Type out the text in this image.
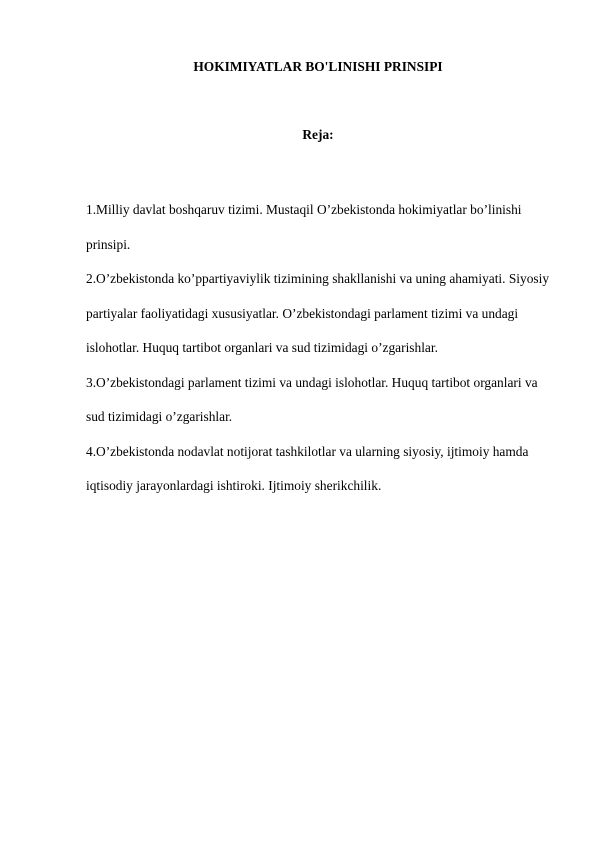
HOKIMIYATLAR BO'LINISHI PRINSIPI
Reja:

1.Milliy davlat boshqaruv tizimi. Mustaqil O’zbekistonda hokimiyatlar bo’linishi prinsipi.

2.O’zbekistonda ko’ppartiyaviylik tizimining shakllanishi va uning ahamiyati. Siyosiy partiyalar faoliyatidagi xususiyatlar. O’zbekistondagi parlament tizimi va undagi islohotlar. Huquq tartibot organlari va sud tizimidagi o’zgarishlar.

3.O’zbekistondagi parlament tizimi va undagi islohotlar. Huquq tartibot organlari va sud tizimidagi o’zgarishlar.

4.O’zbekistonda nodavlat notijorat tashkilotlar va ularning siyosiy, ijtimoiy hamda iqtisodiy jarayonlardagi ishtiroki. Ijtimoiy sherikchilik.
